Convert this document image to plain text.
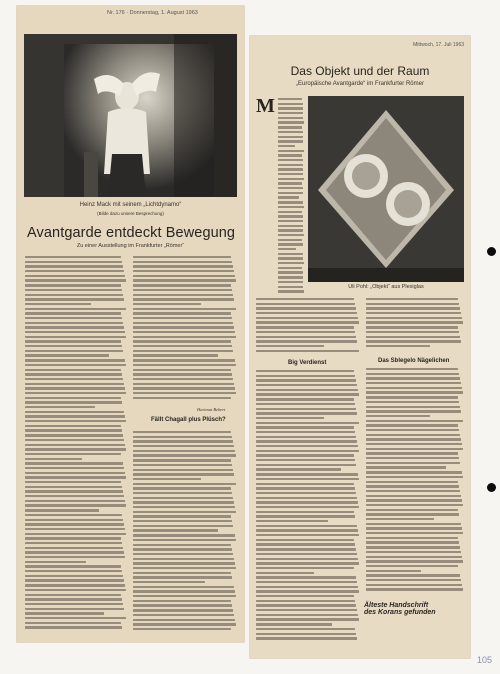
Nr. 176 · Donnerstag, 1. August 1963
Heinz Mack mit seinem „Lichtdynamo“
(Bilde dazu unsere Besprechung)
Avantgarde entdeckt Bewegung
Zu einer Ausstellung im Frankfurter „Römer“
Hartmut Bebert
Fällt Chagall plus Plüsch?
Mittwoch, 17. Juli 1963
Das Objekt und der Raum
„Europäische Avantgarde“ im Frankfurter Römer
M
Uli Pohl: „Objekt“ aus Plexiglas
Big Verdienst	Das Sblegelo Nägelichen
Älteste Handschrift
des Korans gefunden
105
